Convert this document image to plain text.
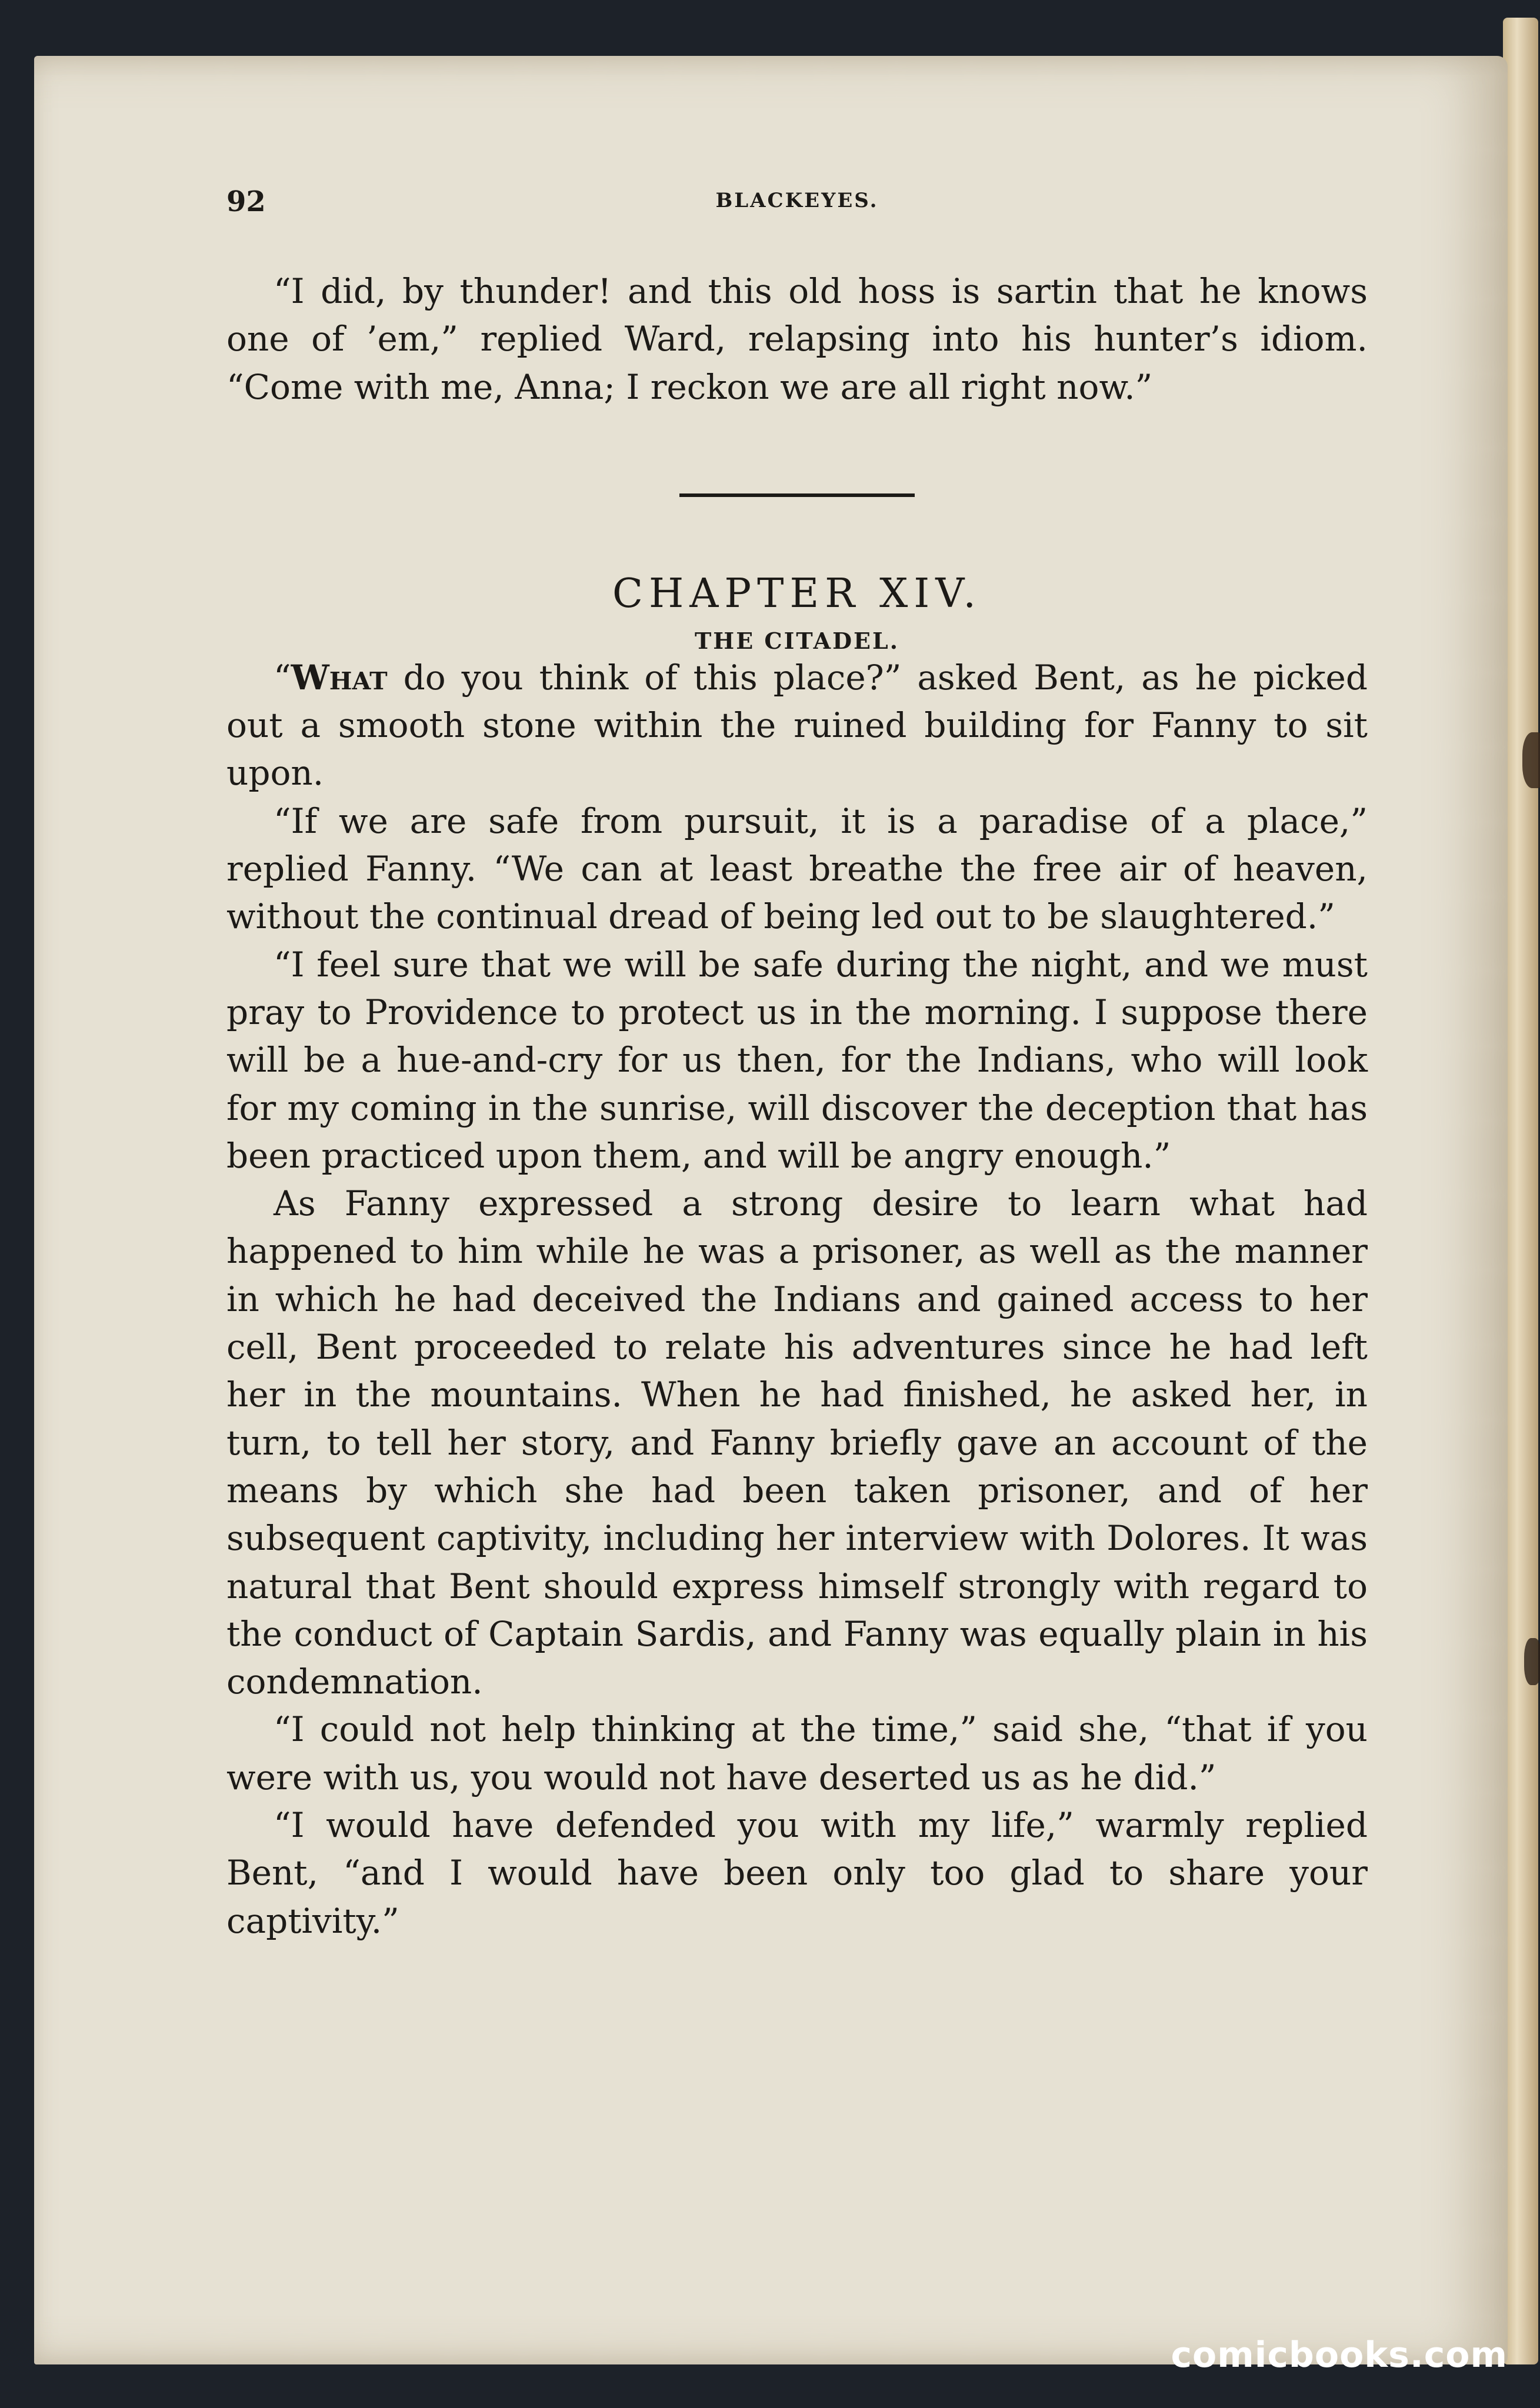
92	BLACKEYES.

“I did, by thunder! and this old hoss is sartin that he knows one of ’em,” replied Ward, relapsing into his hunter’s idiom. “Come with me, Anna; I reckon we are all right now.”

CHAPTER XIV.
THE CITADEL.

“What do you think of this place?” asked Bent, as he picked out a smooth stone within the ruined building for Fanny to sit upon.

“If we are safe from pursuit, it is a paradise of a place,” replied Fanny. “We can at least breathe the free air of heaven, without the continual dread of being led out to be slaughtered.”

“I feel sure that we will be safe during the night, and we must pray to Providence to protect us in the morning. I suppose there will be a hue-and-cry for us then, for the Indians, who will look for my coming in the sunrise, will discover the deception that has been practiced upon them, and will be angry enough.”

As Fanny expressed a strong desire to learn what had happened to him while he was a prisoner, as well as the manner in which he had deceived the Indians and gained access to her cell, Bent proceeded to relate his adventures since he had left her in the mountains. When he had finished, he asked her, in turn, to tell her story, and Fanny briefly gave an account of the means by which she had been taken prisoner, and of her subsequent captivity, including her interview with Dolores. It was natural that Bent should express himself strongly with regard to the conduct of Captain Sardis, and Fanny was equally plain in his condemnation.

“I could not help thinking at the time,” said she, “that if you were with us, you would not have deserted us as he did.”

“I would have defended you with my life,” warmly replied Bent, “and I would have been only too glad to share your captivity.”

comicbooks.com
